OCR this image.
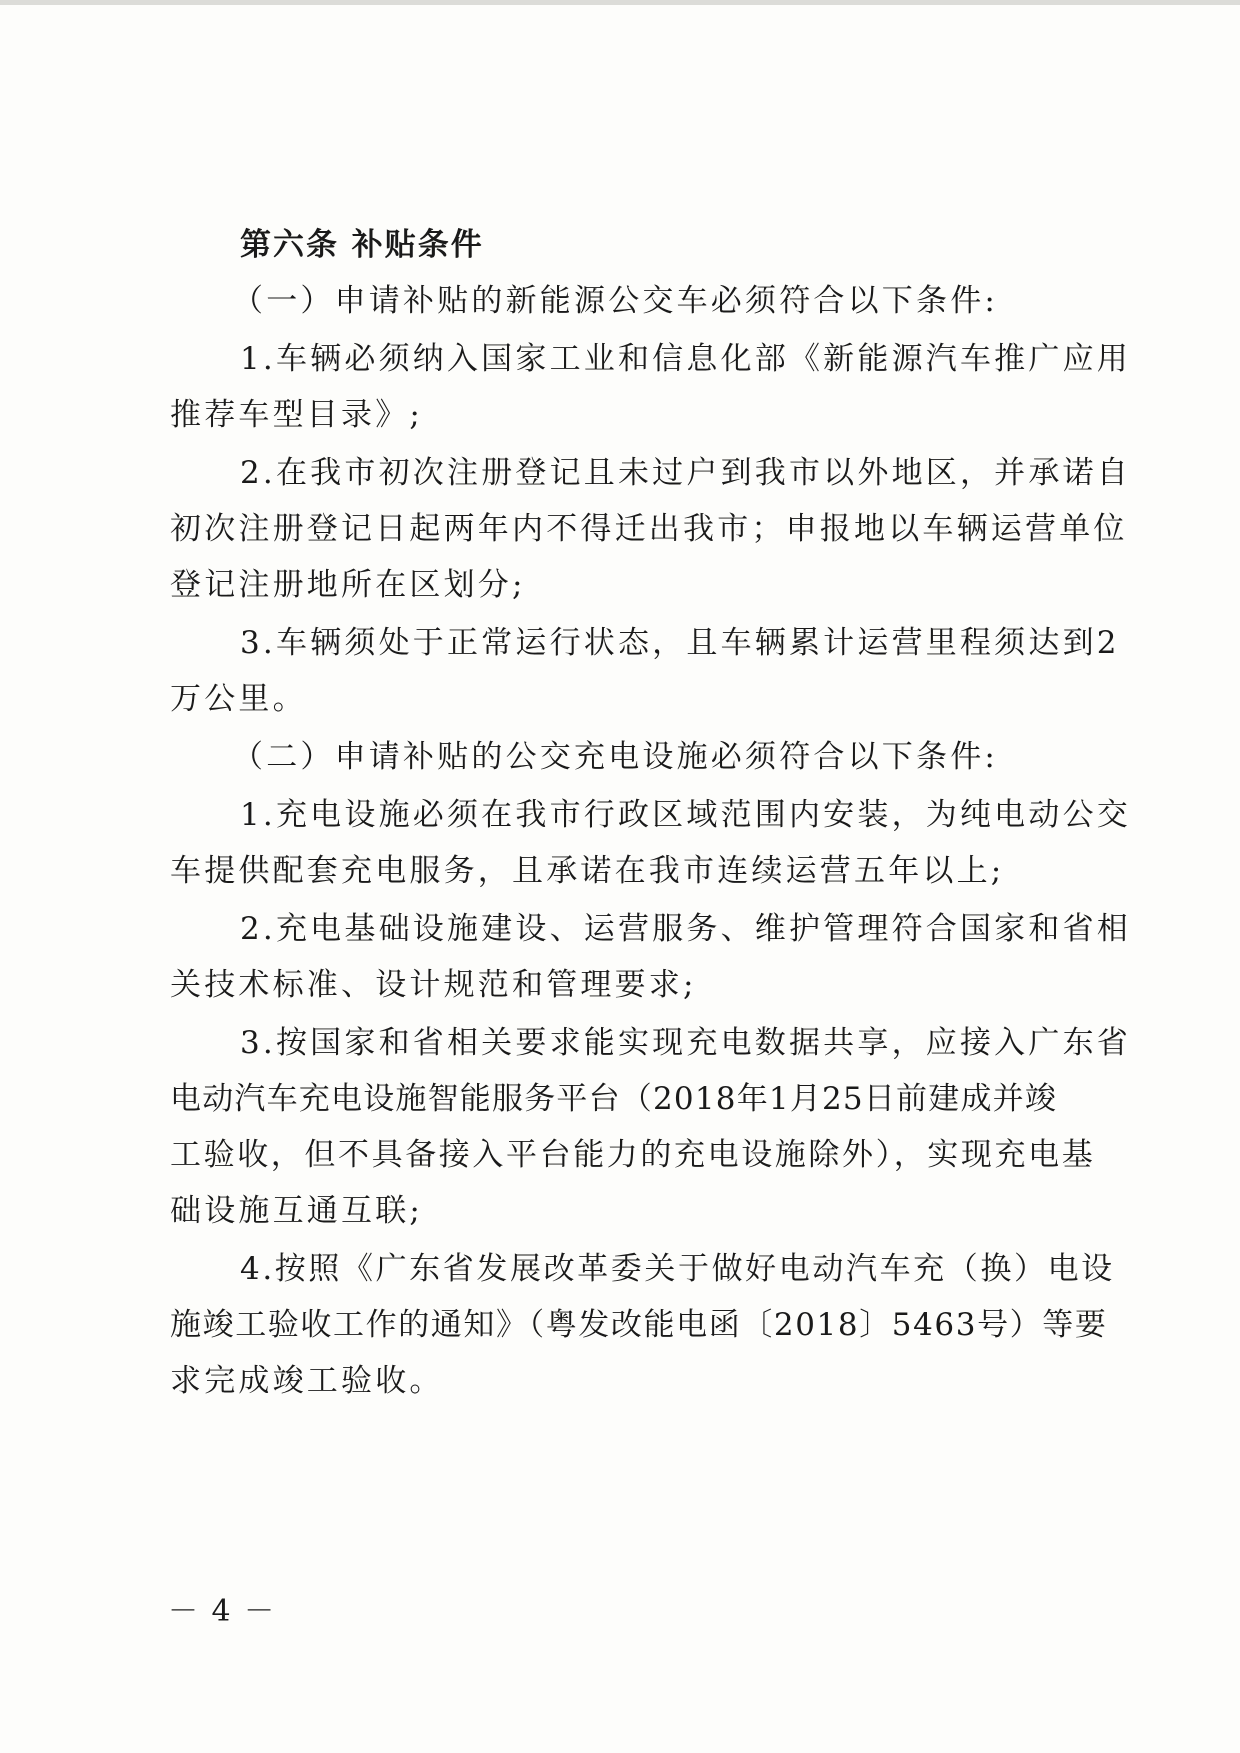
第六条 补贴条件
（一）申请补贴的新能源公交车必须符合以下条件:
1.车辆必须纳入国家工业和信息化部《新能源汽车推广应用
推荐车型目录》;
2.在我市初次注册登记且未过户到我市以外地区，并承诺自
初次注册登记日起两年内不得迁出我市；申报地以车辆运营单位
登记注册地所在区划分;
3.车辆须处于正常运行状态，且车辆累计运营里程须达到2
万公里。
（二）申请补贴的公交充电设施必须符合以下条件:
1.充电设施必须在我市行政区域范围内安装，为纯电动公交
车提供配套充电服务，且承诺在我市连续运营五年以上;
2.充电基础设施建设、运营服务、维护管理符合国家和省相
关技术标准、设计规范和管理要求;
3.按国家和省相关要求能实现充电数据共享，应接入广东省
电动汽车充电设施智能服务平台（2018年1月25日前建成并竣
工验收，但不具备接入平台能力的充电设施除外），实现充电基
础设施互通互联;
4.按照《广东省发展改革委关于做好电动汽车充（换）电设
施竣工验收工作的通知》（粤发改能电函〔2018〕5463号）等要
求完成竣工验收。
－ 4 －
